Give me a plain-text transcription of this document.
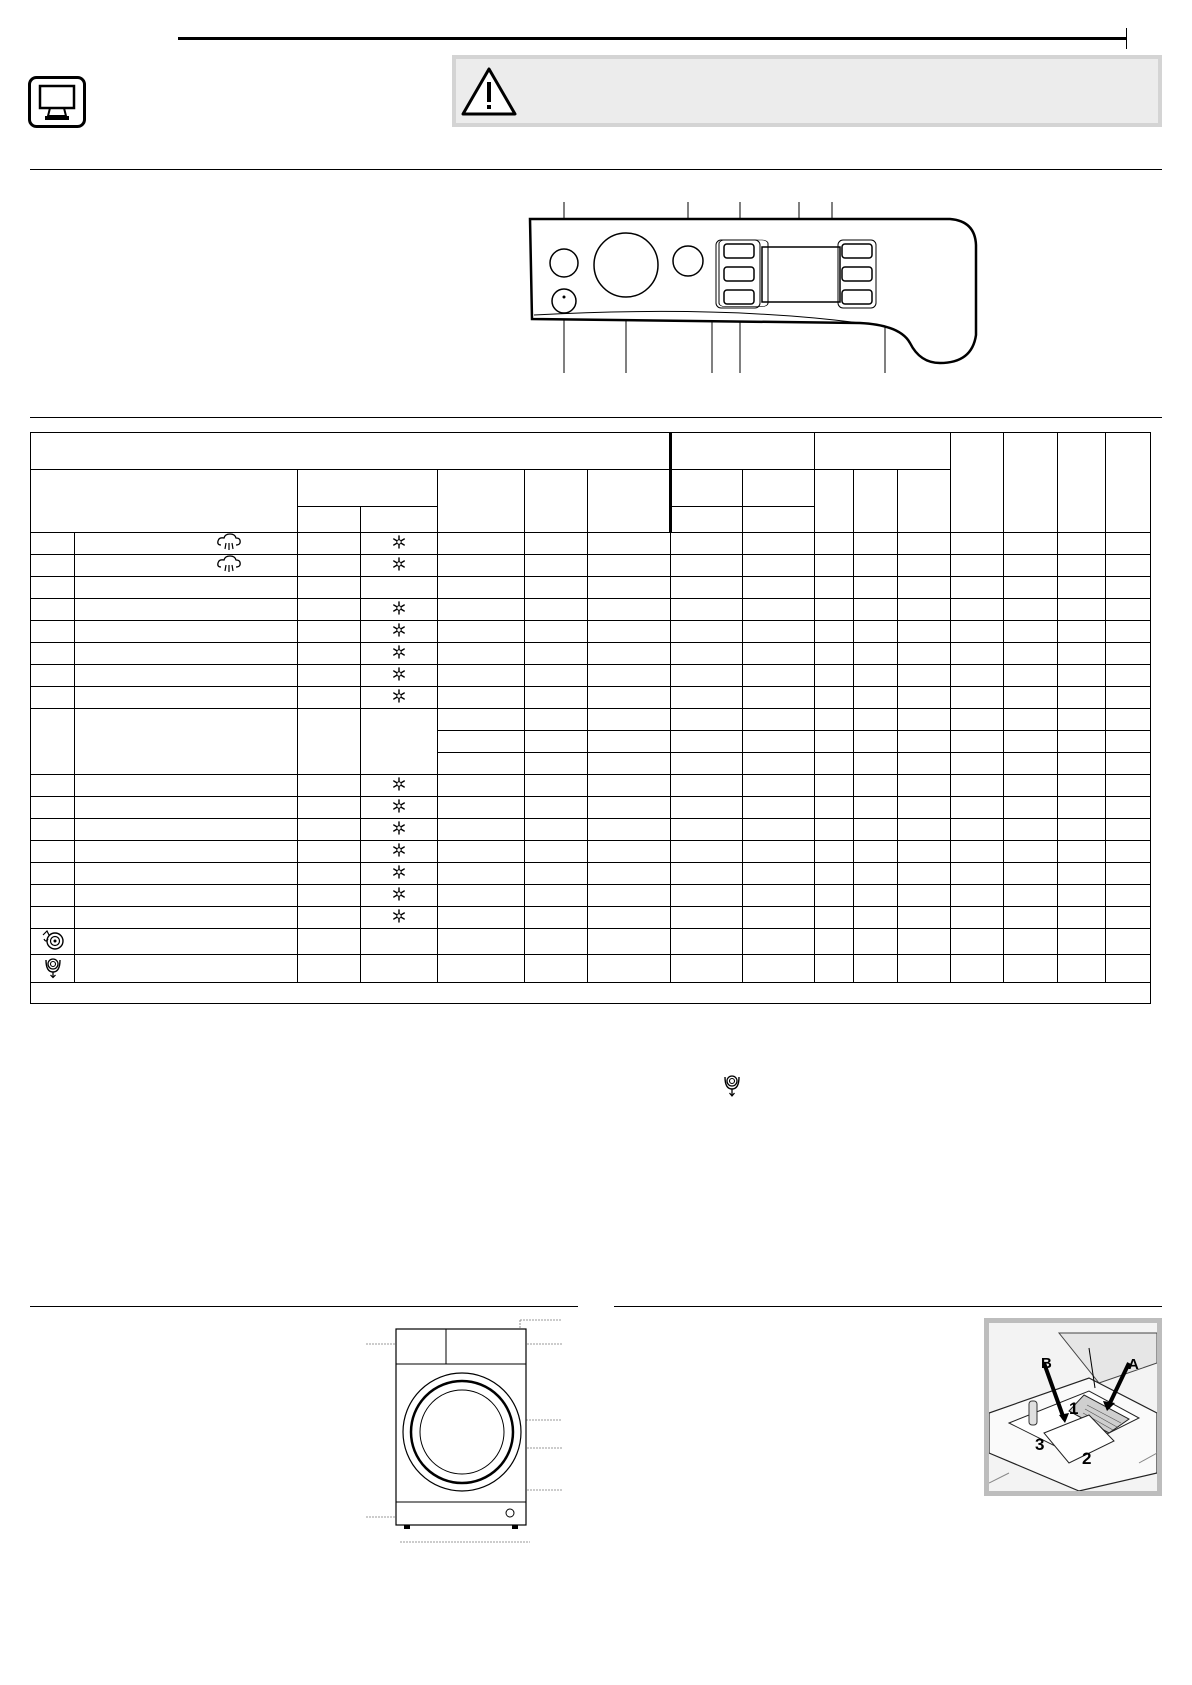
B	A
1
3
2
